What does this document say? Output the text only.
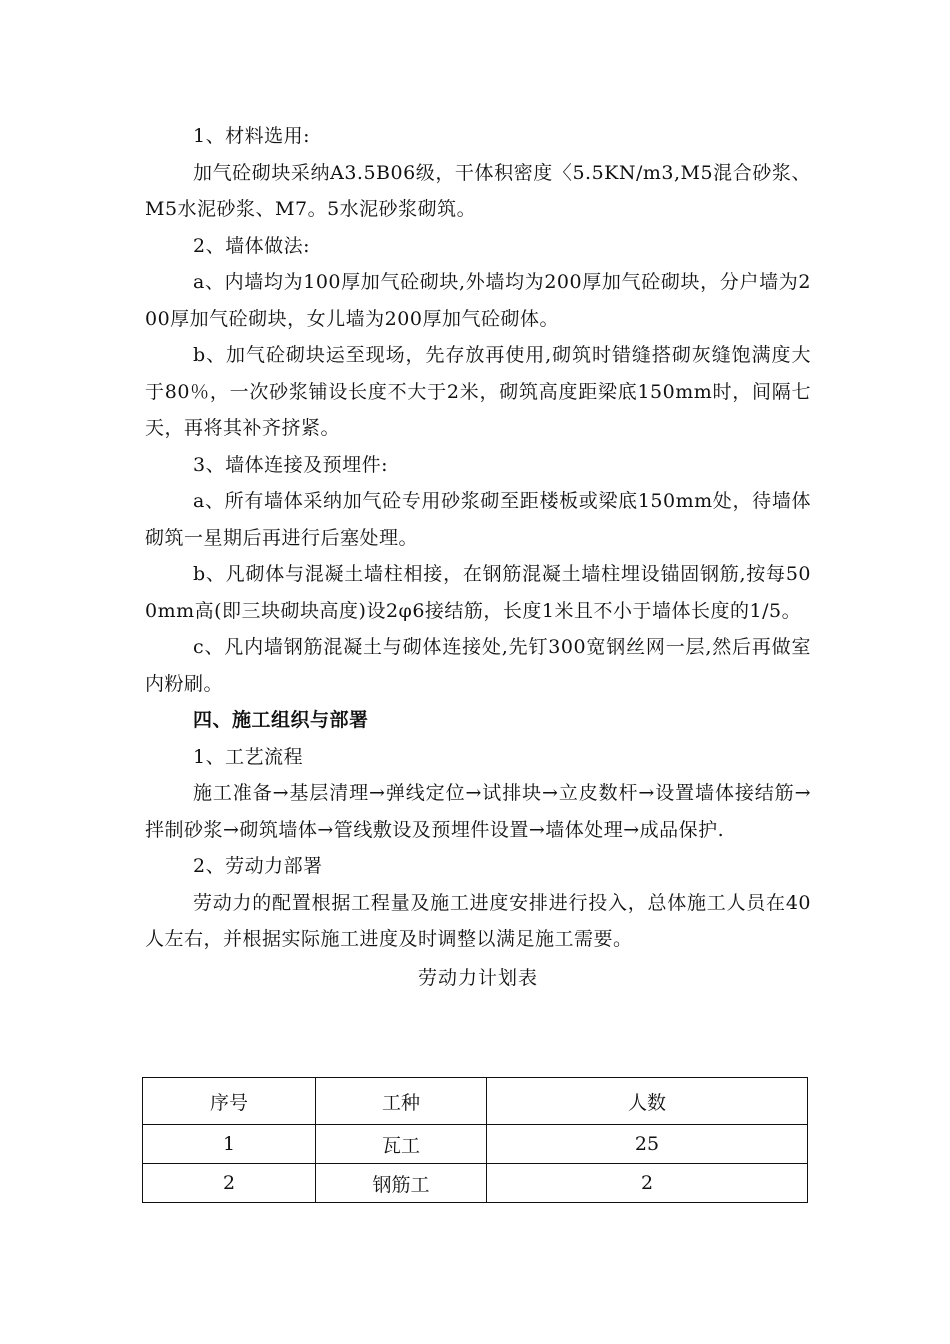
1、材料选用:

加气砼砌块采纳A3.5B06级，干体积密度〈5.5KN/m3,M5混合砂浆、M5水泥砂浆、M7。5水泥砂浆砌筑。

2、墙体做法:

a、内墙均为100厚加气砼砌块,外墙均为200厚加气砼砌块，分户墙为200厚加气砼砌块，女儿墙为200厚加气砼砌体。

b、加气砼砌块运至现场，先存放再使用,砌筑时错缝搭砌灰缝饱满度大于80％，一次砂浆铺设长度不大于2米，砌筑高度距梁底150mm时，间隔七天，再将其补齐挤紧。

3、墙体连接及预埋件:

a、所有墙体采纳加气砼专用砂浆砌至距楼板或梁底150mm处，待墙体砌筑一星期后再进行后塞处理。

b、凡砌体与混凝土墙柱相接，在钢筋混凝土墙柱埋设锚固钢筋,按每500mm高(即三块砌块高度)设2φ6接结筋，长度1米且不小于墙体长度的1/5。

c、凡内墙钢筋混凝土与砌体连接处,先钉300宽钢丝网一层,然后再做室内粉刷。

四、施工组织与部署

1、工艺流程

施工准备→基层清理→弹线定位→试排块→立皮数杆→设置墙体接结筋→拌制砂浆→砌筑墙体→管线敷设及预埋件设置→墙体处理→成品保护.

2、劳动力部署

劳动力的配置根据工程量及施工进度安排进行投入，总体施工人员在40人左右，并根据实际施工进度及时调整以满足施工需要。

劳动力计划表
序号	工种	人数
1	瓦工	25
2	钢筋工	2
